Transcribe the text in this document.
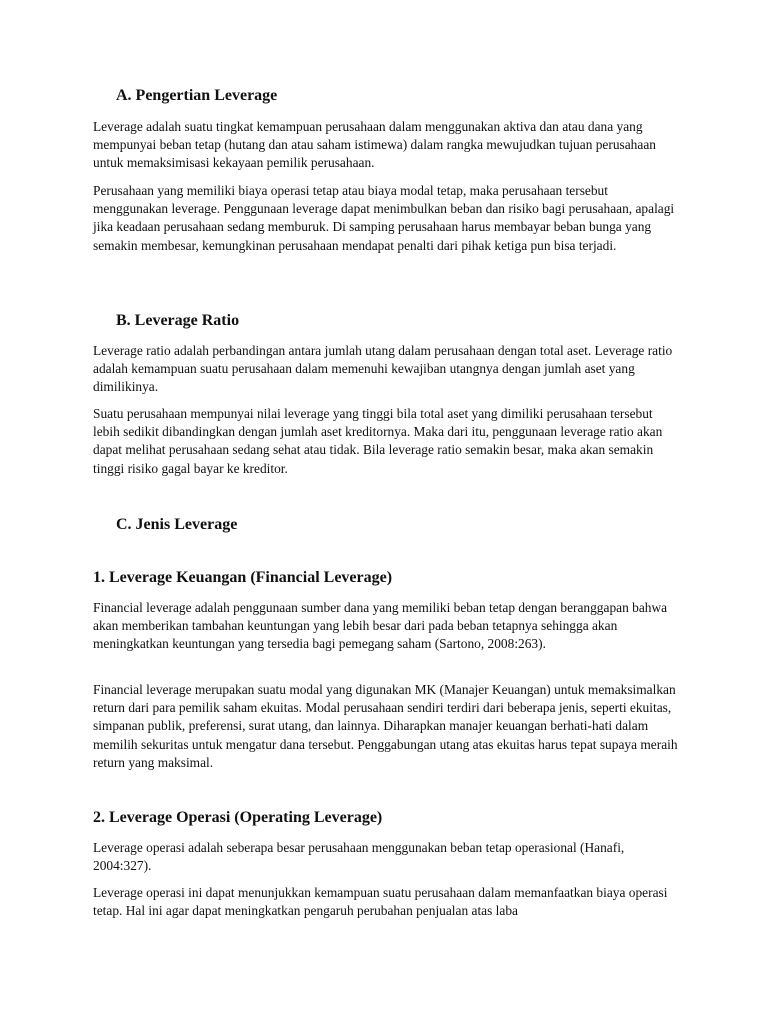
A. Pengertian Leverage

Leverage adalah suatu tingkat kemampuan perusahaan dalam menggunakan aktiva dan atau dana yang mempunyai beban tetap (hutang dan atau saham istimewa) dalam rangka mewujudkan tujuan perusahaan untuk memaksimisasi kekayaan pemilik perusahaan.

Perusahaan yang memiliki biaya operasi tetap atau biaya modal tetap, maka perusahaan tersebut menggunakan leverage. Penggunaan leverage dapat menimbulkan beban dan risiko bagi perusahaan, apalagi jika keadaan perusahaan sedang memburuk. Di samping perusahaan harus membayar beban bunga yang semakin membesar, kemungkinan perusahaan mendapat penalti dari pihak ketiga pun bisa terjadi.

B. Leverage Ratio

Leverage ratio adalah perbandingan antara jumlah utang dalam perusahaan dengan total aset. Leverage ratio adalah kemampuan suatu perusahaan dalam memenuhi kewajiban utangnya dengan jumlah aset yang dimilikinya.

Suatu perusahaan mempunyai nilai leverage yang tinggi bila total aset yang dimiliki perusahaan tersebut lebih sedikit dibandingkan dengan jumlah aset kreditornya. Maka dari itu, penggunaan leverage ratio akan dapat melihat perusahaan sedang sehat atau tidak. Bila leverage ratio semakin besar, maka akan semakin tinggi risiko gagal bayar ke kreditor.

C. Jenis Leverage
1. Leverage Keuangan (Financial Leverage)

Financial leverage adalah penggunaan sumber dana yang memiliki beban tetap dengan beranggapan bahwa akan memberikan tambahan keuntungan yang lebih besar dari pada beban tetapnya sehingga akan meningkatkan keuntungan yang tersedia bagi pemegang saham (Sartono, 2008:263).

Financial leverage merupakan suatu modal yang digunakan MK (Manajer Keuangan) untuk memaksimalkan return dari para pemilik saham ekuitas. Modal perusahaan sendiri terdiri dari beberapa jenis, seperti ekuitas, simpanan publik, preferensi, surat utang, dan lainnya. Diharapkan manajer keuangan berhati-hati dalam memilih sekuritas untuk mengatur dana tersebut. Penggabungan utang atas ekuitas harus tepat supaya meraih return yang maksimal.

2. Leverage Operasi (Operating Leverage)

Leverage operasi adalah seberapa besar perusahaan menggunakan beban tetap operasional (Hanafi, 2004:327).

Leverage operasi ini dapat menunjukkan kemampuan suatu perusahaan dalam memanfaatkan biaya operasi tetap. Hal ini agar dapat meningkatkan pengaruh perubahan penjualan atas laba
